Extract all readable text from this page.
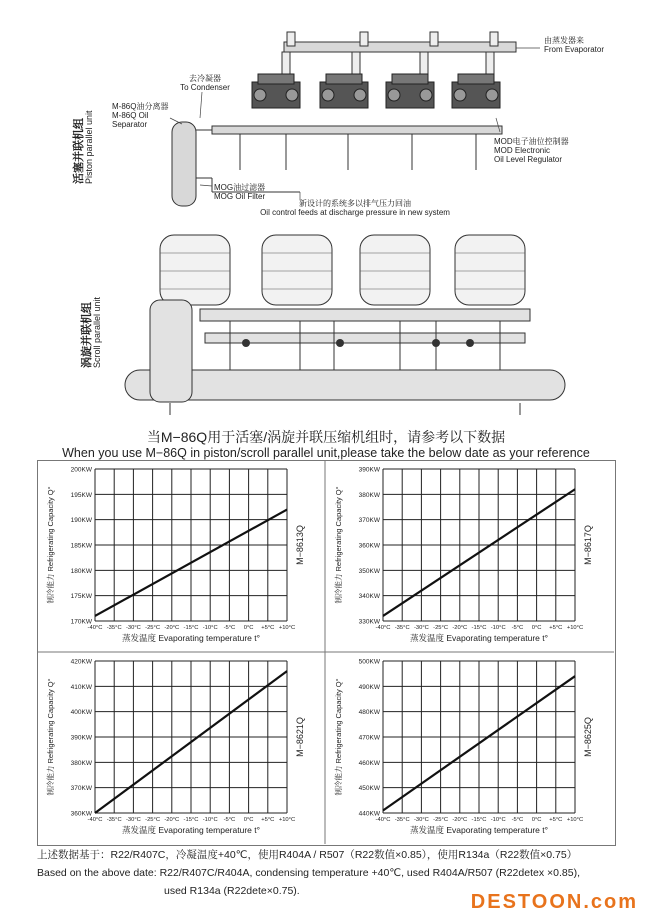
活塞并联机组 Piston parallel unit
由蒸发器来
From Evaporator
去冷凝器
To Condenser
M-86Q油分离器
M-86Q Oil
Separator
MOD电子油位控制器
MOD Electronic
Oil Level Regulator
MOG油过滤器
MOG Oil Filter
新设计的系统多以排气压力回油
Oil control feeds at discharge pressure in new system
涡旋并联机组 Scroll parallel unit
当M−86Q用于活塞/涡旋并联压缩机组时，请参考以下数据
When you use M−86Q in piston/scroll parallel unit,please take the below date as your reference
170KW
175KW
180KW
185KW
190KW
195KW
200KW
-40°C -35°C -30°C -25°C -20°C -15°C -10°C -5°C 0°C +5°C +10°C
蒸发温度 Evaporating temperature t°
制冷能力 Refrigerating Capacity Q°	M−8613Q
330KW
340KW
350KW
360KW
370KW
380KW
390KW
-40°C -35°C -30°C -25°C -20°C -15°C -10°C -5°C 0°C +5°C +10°C
蒸发温度 Evaporating temperature t°
制冷能力 Refrigerating Capacity Q°	M−8617Q
360KW
370KW
380KW
390KW
400KW
410KW
420KW
-40°C -35°C -30°C -25°C -20°C -15°C -10°C -5°C 0°C +5°C +10°C
蒸发温度 Evaporating temperature t°
制冷能力 Refrigerating Capacity Q°	M−8621Q
440KW
450KW
460KW
470KW
480KW
490KW
500KW
-40°C -35°C -30°C -25°C -20°C -15°C -10°C -5°C 0°C +5°C +10°C
蒸发温度 Evaporating temperature t°
制冷能力 Refrigerating Capacity Q°	M−8625Q
上述数据基于：R22/R407C，冷凝温度+40℃，使用R404A / R507（R22数值×0.85），使用R134a（R22数值×0.75）
Based on the above date: R22/R407C/R404A, condensing temperature +40℃, used R404A/R507 (R22detex ×0.85),
used R134a (R22dete×0.75).	DESTOON.com
